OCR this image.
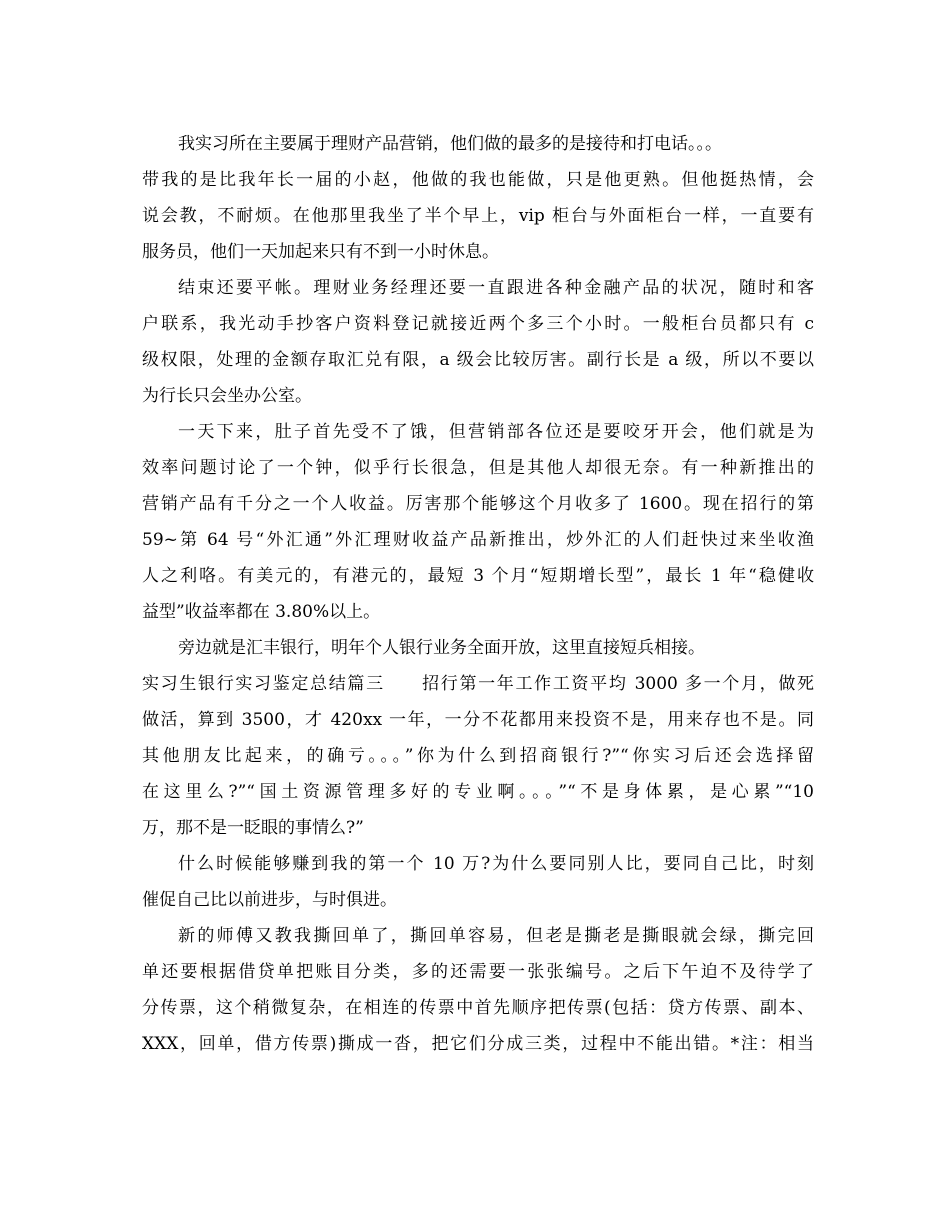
我实习所在主要属于理财产品营销，他们做的最多的是接待和打电话。。。
带我的是比我年长一届的小赵，他做的我也能做，只是他更熟。但他挺热情，会
说会教，不耐烦。在他那里我坐了半个早上，vip 柜台与外面柜台一样，一直要有
服务员，他们一天加起来只有不到一小时休息。
结束还要平帐。理财业务经理还要一直跟进各种金融产品的状况，随时和客
户联系，我光动手抄客户资料登记就接近两个多三个小时。一般柜台员都只有 c
级权限，处理的金额存取汇兑有限，a 级会比较厉害。副行长是 a 级，所以不要以
为行长只会坐办公室。
一天下来，肚子首先受不了饿，但营销部各位还是要咬牙开会，他们就是为
效率问题讨论了一个钟，似乎行长很急，但是其他人却很无奈。有一种新推出的
营销产品有千分之一个人收益。厉害那个能够这个月收多了 1600。现在招行的第
59~第 64 号“外汇通”外汇理财收益产品新推出，炒外汇的人们赶快过来坐收渔
人之利咯。有美元的，有港元的，最短 3 个月“短期增长型”，最长 1 年“稳健收
益型”收益率都在 3.80%以上。
旁边就是汇丰银行，明年个人银行业务全面开放，这里直接短兵相接。
实习生银行实习鉴定总结篇三　　招行第一年工作工资平均 3000 多一个月，做死
做活，算到 3500，才 420xx 一年，一分不花都用来投资不是，用来存也不是。同
其他朋友比起来，的确亏。。。”你为什么到招商银行?”“你实习后还会选择留
在这里么?”“国土资源管理多好的专业啊。。。”“不是身体累，是心累”“10
万，那不是一眨眼的事情么?”
什么时候能够赚到我的第一个 10 万?为什么要同别人比，要同自己比，时刻
催促自己比以前进步，与时俱进。
新的师傅又教我撕回单了，撕回单容易，但老是撕老是撕眼就会绿，撕完回
单还要根据借贷单把账目分类，多的还需要一张张编号。之后下午迫不及待学了
分传票，这个稍微复杂，在相连的传票中首先顺序把传票(包括：贷方传票、副本、
XXX，回单，借方传票)撕成一沓，把它们分成三类，过程中不能出错。*注：相当
